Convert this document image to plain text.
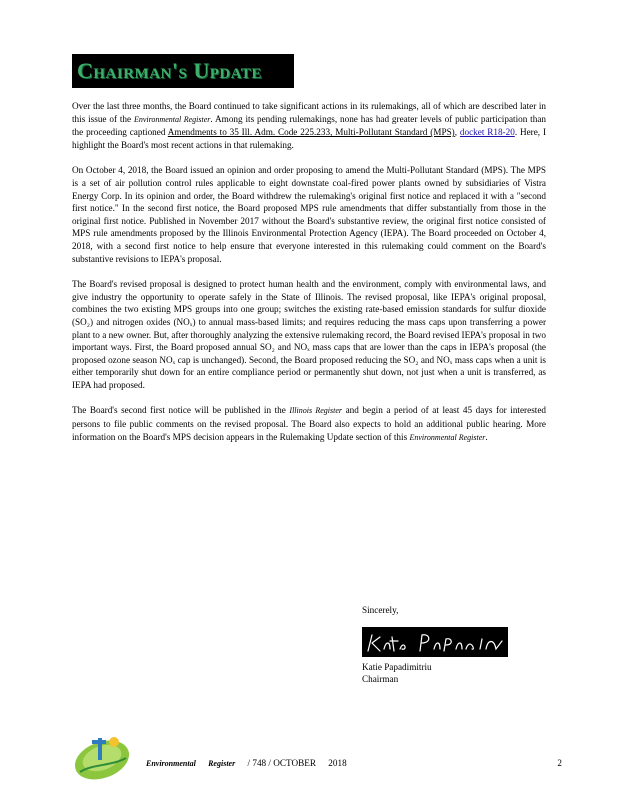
Chairman's Update

Over the last three months, the Board continued to take significant actions in its rulemakings, all of which are described later in this issue of the Environmental Register. Among its pending rulemakings, none has had greater levels of public participation than the proceeding captioned Amendments to 35 Ill. Adm. Code 225.233, Multi-Pollutant Standard (MPS), docket R18-20. Here, I highlight the Board's most recent actions in that rulemaking.

On October 4, 2018, the Board issued an opinion and order proposing to amend the Multi-Pollutant Standard (MPS). The MPS is a set of air pollution control rules applicable to eight downstate coal-fired power plants owned by subsidiaries of Vistra Energy Corp. In its opinion and order, the Board withdrew the rulemaking's original first notice and replaced it with a "second first notice." In the second first notice, the Board proposed MPS rule amendments that differ substantially from those in the original first notice. Published in November 2017 without the Board's substantive review, the original first notice consisted of MPS rule amendments proposed by the Illinois Environmental Protection Agency (IEPA). The Board proceeded on October 4, 2018, with a second first notice to help ensure that everyone interested in this rulemaking could comment on the Board's substantive revisions to IEPA's proposal.

The Board's revised proposal is designed to protect human health and the environment, comply with environmental laws, and give industry the opportunity to operate safely in the State of Illinois. The revised proposal, like IEPA's original proposal, combines the two existing MPS groups into one group; switches the existing rate-based emission standards for sulfur dioxide (SO₂) and nitrogen oxides (NOₓ) to annual mass-based limits; and requires reducing the mass caps upon transferring a power plant to a new owner. But, after thoroughly analyzing the extensive rulemaking record, the Board revised IEPA's proposal in two important ways. First, the Board proposed annual SO₂ and NOₓ mass caps that are lower than the caps in IEPA's proposal (the proposed ozone season NOₓ cap is unchanged). Second, the Board proposed reducing the SO₂ and NOₓ mass caps when a unit is either temporarily shut down for an entire compliance period or permanently shut down, not just when a unit is transferred, as IEPA had proposed.

The Board's second first notice will be published in the Illinois Register and begin a period of at least 45 days for interested persons to file public comments on the revised proposal. The Board also expects to hold an additional public hearing. More information on the Board's MPS decision appears in the Rulemaking Update section of this Environmental Register.

Sincerely,
Katie Papadimitriu
Chairman
Environmental Register / 748 / OCTOBER 2018	2
